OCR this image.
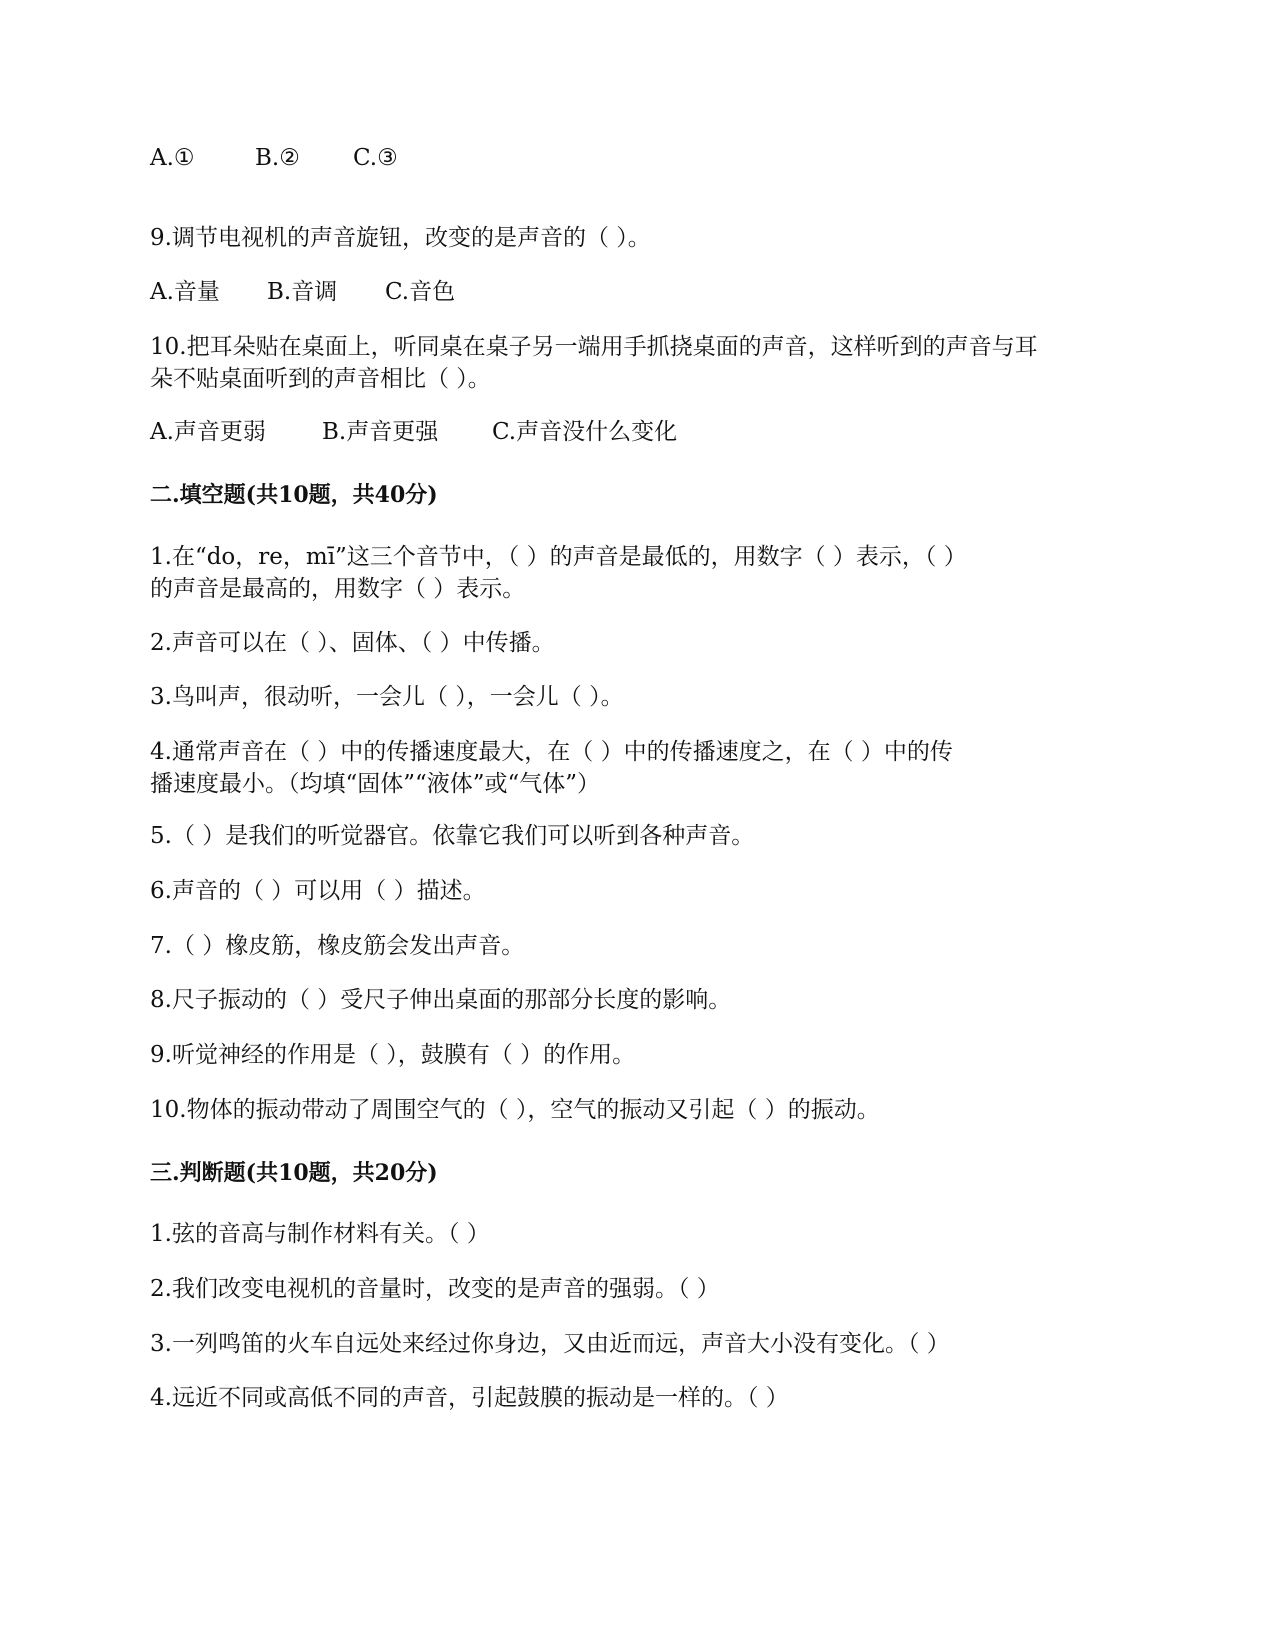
A.①	B.② C.③
9.调节电视机的声音旋钮，改变的是声音的（ ）。
A.音量 B.音调 C.音色
10.把耳朵贴在桌面上，听同桌在桌子另一端用手抓挠桌面的声音，这样听到的声音与耳
朵不贴桌面听到的声音相比（ ）。
A.声音更弱 B.声音更强 C.声音没什么变化
二.填空题(共10题，共40分)
1.在“do，re，mī”这三个音节中，（ ）的声音是最低的，用数字（ ）表示，（ ）
的声音是最高的，用数字（ ）表示。
2.声音可以在（ ）、固体、（ ）中传播。
3.鸟叫声，很动听，一会儿（ ），一会儿（ ）。
4.通常声音在（ ）中的传播速度最大，在（ ）中的传播速度之，在（ ）中的传
播速度最小。（均填“固体”“液体”或“气体”）
5.（ ）是我们的听觉器官。依靠它我们可以听到各种声音。
6.声音的（ ）可以用（ ）描述。
7.（ ）橡皮筋，橡皮筋会发出声音。
8.尺子振动的（ ）受尺子伸出桌面的那部分长度的影响。
9.听觉神经的作用是（ ），鼓膜有（ ）的作用。
10.物体的振动带动了周围空气的（ ），空气的振动又引起（ ）的振动。
三.判断题(共10题，共20分)
1.弦的音高与制作材料有关。（ ）
2.我们改变电视机的音量时，改变的是声音的强弱。（ ）
3.一列鸣笛的火车自远处来经过你身边，又由近而远，声音大小没有变化。（ ）
4.远近不同或高低不同的声音，引起鼓膜的振动是一样的。（ ）
